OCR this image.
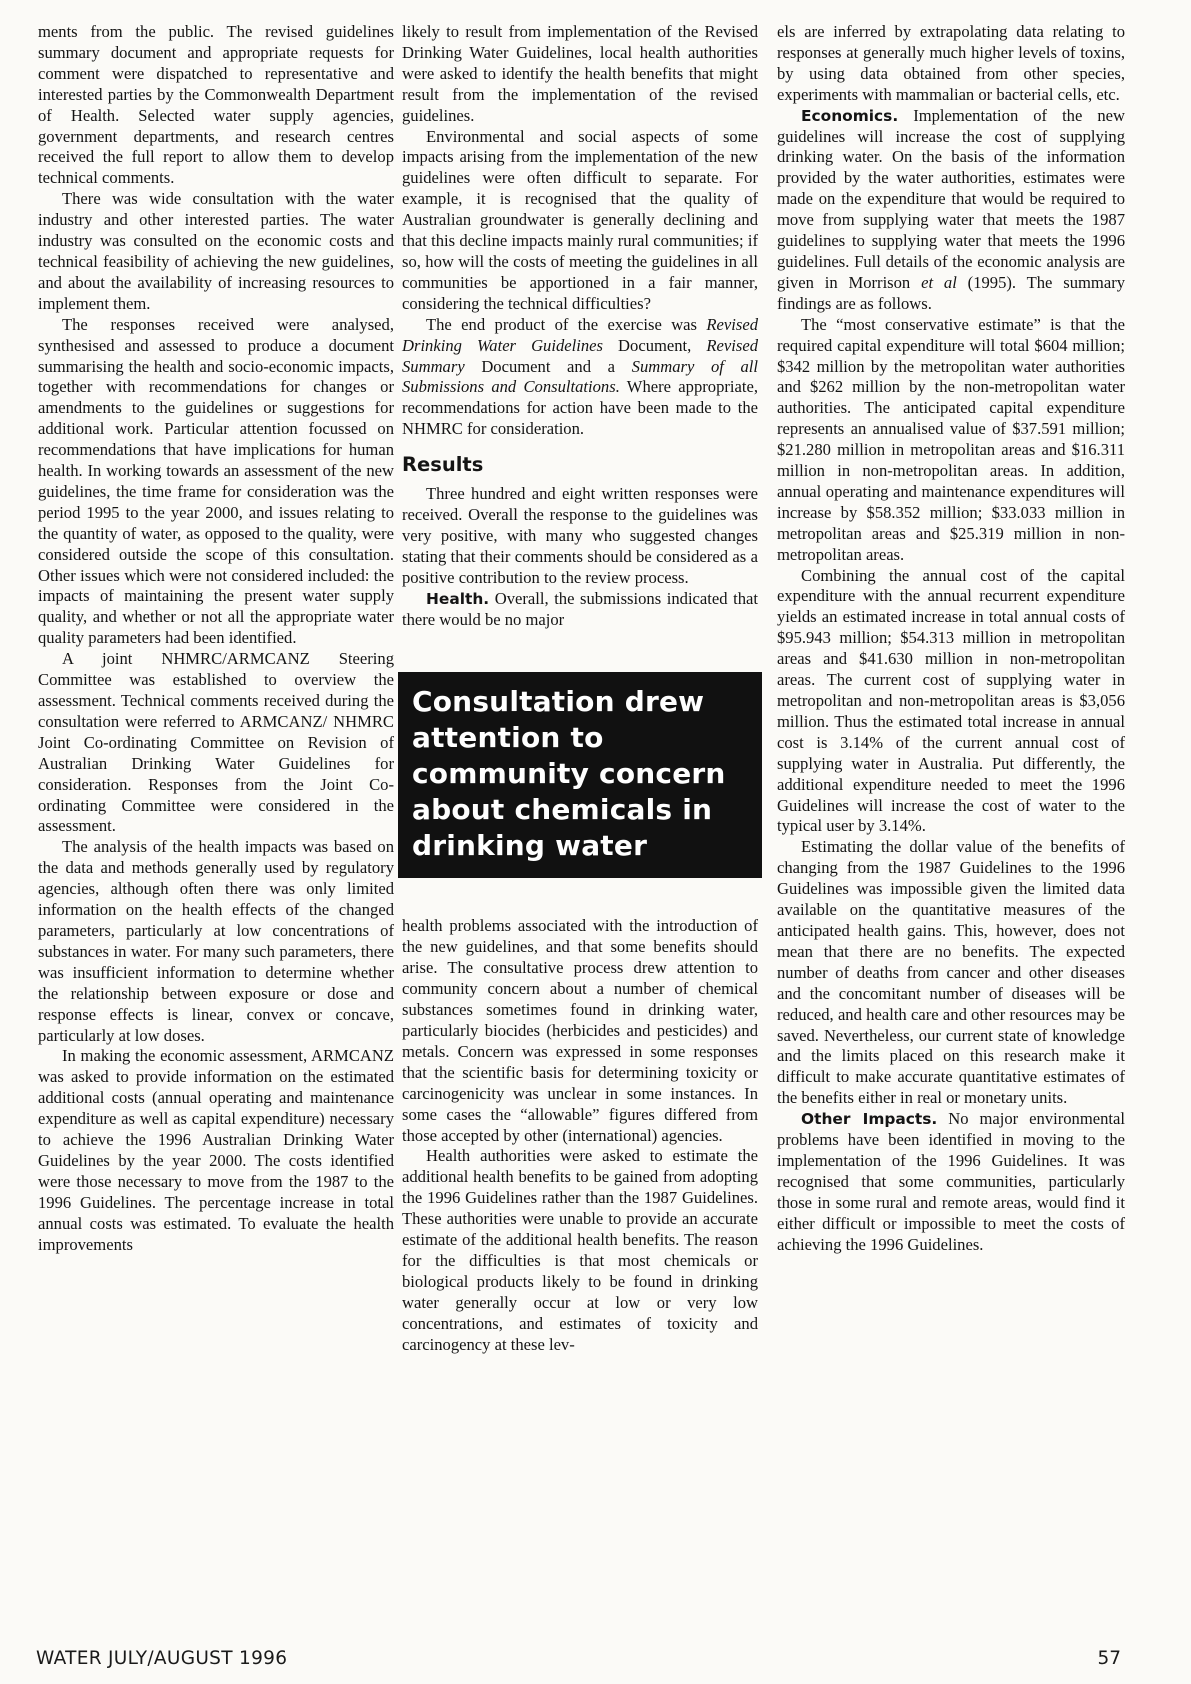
ments from the public. The revised guidelines summary document and appropriate requests for comment were dispatched to representative and interested parties by the Commonwealth Department of Health. Selected water supply agencies, government departments, and research centres received the full report to allow them to develop technical comments.

There was wide consultation with the water industry and other interested parties. The water industry was consulted on the economic costs and technical feasibility of achieving the new guidelines, and about the availability of increasing resources to implement them.

The responses received were analysed, synthesised and assessed to produce a document summarising the health and socio-economic impacts, together with recommendations for changes or amendments to the guidelines or suggestions for additional work. Particular attention focussed on recommendations that have implications for human health. In working towards an assessment of the new guidelines, the time frame for consideration was the period 1995 to the year 2000, and issues relating to the quantity of water, as opposed to the quality, were considered outside the scope of this consultation. Other issues which were not considered included: the impacts of maintaining the present water supply quality, and whether or not all the appropriate water quality parameters had been identified.

A joint NHMRC/ARMCANZ Steering Committee was established to overview the assessment. Technical comments received during the consultation were referred to ARMCANZ/ NHMRC Joint Co-ordinating Committee on Revision of Australian Drinking Water Guidelines for consideration. Responses from the Joint Co-ordinating Committee were considered in the assessment.

The analysis of the health impacts was based on the data and methods generally used by regulatory agencies, although often there was only limited information on the health effects of the changed parameters, particularly at low concentrations of substances in water. For many such parameters, there was insufficient information to determine whether the relationship between exposure or dose and response effects is linear, convex or concave, particularly at low doses.

In making the economic assessment, ARMCANZ was asked to provide information on the estimated additional costs (annual operating and maintenance expenditure as well as capital expenditure) necessary to achieve the 1996 Australian Drinking Water Guidelines by the year 2000. The costs identified were those necessary to move from the 1987 to the 1996 Guidelines. The percentage increase in total annual costs was estimated. To evaluate the health improvements

likely to result from implementation of the Revised Drinking Water Guidelines, local health authorities were asked to identify the health benefits that might result from the implementation of the revised guidelines.

Environmental and social aspects of some impacts arising from the implementation of the new guidelines were often difficult to separate. For example, it is recognised that the quality of Australian groundwater is generally declining and that this decline impacts mainly rural communities; if so, how will the costs of meeting the guidelines in all communities be apportioned in a fair manner, considering the technical difficulties?

The end product of the exercise was Revised Drinking Water Guidelines Document, Revised Summary Document and a Summary of all Submissions and Consultations. Where appropriate, recommendations for action have been made to the NHMRC for consideration.

Results

Three hundred and eight written responses were received. Overall the response to the guidelines was very positive, with many who suggested changes stating that their comments should be considered as a positive contribution to the review process.

Health. Overall, the submissions indicated that there would be no major

Consultation drew attention to community concern about chemicals in drinking water

health problems associated with the introduction of the new guidelines, and that some benefits should arise. The consultative process drew attention to community concern about a number of chemical substances sometimes found in drinking water, particularly biocides (herbicides and pesticides) and metals. Concern was expressed in some responses that the scientific basis for determining toxicity or carcinogenicity was unclear in some instances. In some cases the “allowable” figures differed from those accepted by other (international) agencies.

Health authorities were asked to estimate the additional health benefits to be gained from adopting the 1996 Guidelines rather than the 1987 Guidelines. These authorities were unable to provide an accurate estimate of the additional health benefits. The reason for the difficulties is that most chemicals or biological products likely to be found in drinking water generally occur at low or very low concentrations, and estimates of toxicity and carcinogency at these lev-

els are inferred by extrapolating data relating to responses at generally much higher levels of toxins, by using data obtained from other species, experiments with mammalian or bacterial cells, etc.

Economics. Implementation of the new guidelines will increase the cost of supplying drinking water. On the basis of the information provided by the water authorities, estimates were made on the expenditure that would be required to move from supplying water that meets the 1987 guidelines to supplying water that meets the 1996 guidelines. Full details of the economic analysis are given in Morrison et al (1995). The summary findings are as follows.

The “most conservative estimate” is that the required capital expenditure will total $604 million; $342 million by the metropolitan water authorities and $262 million by the non-metropolitan water authorities. The anticipated capital expenditure represents an annualised value of $37.591 million; $21.280 million in metropolitan areas and $16.311 million in non-metropolitan areas. In addition, annual operating and maintenance expenditures will increase by $58.352 million; $33.033 million in metropolitan areas and $25.319 million in non-metropolitan areas.

Combining the annual cost of the capital expenditure with the annual recurrent expenditure yields an estimated increase in total annual costs of $95.943 million; $54.313 million in metropolitan areas and $41.630 million in non-metropolitan areas. The current cost of supplying water in metropolitan and non-metropolitan areas is $3,056 million. Thus the estimated total increase in annual cost is 3.14% of the current annual cost of supplying water in Australia. Put differently, the additional expenditure needed to meet the 1996 Guidelines will increase the cost of water to the typical user by 3.14%.

Estimating the dollar value of the benefits of changing from the 1987 Guidelines to the 1996 Guidelines was impossible given the limited data available on the quantitative measures of the anticipated health gains. This, however, does not mean that there are no benefits. The expected number of deaths from cancer and other diseases and the concomitant number of diseases will be reduced, and health care and other resources may be saved. Nevertheless, our current state of knowledge and the limits placed on this research make it difficult to make accurate quantitative estimates of the benefits either in real or monetary units.

Other Impacts. No major environmental problems have been identified in moving to the implementation of the 1996 Guidelines. It was recognised that some communities, particularly those in some rural and remote areas, would find it either difficult or impossible to meet the costs of achieving the 1996 Guidelines.

WATER JULY/AUGUST 1996	57
